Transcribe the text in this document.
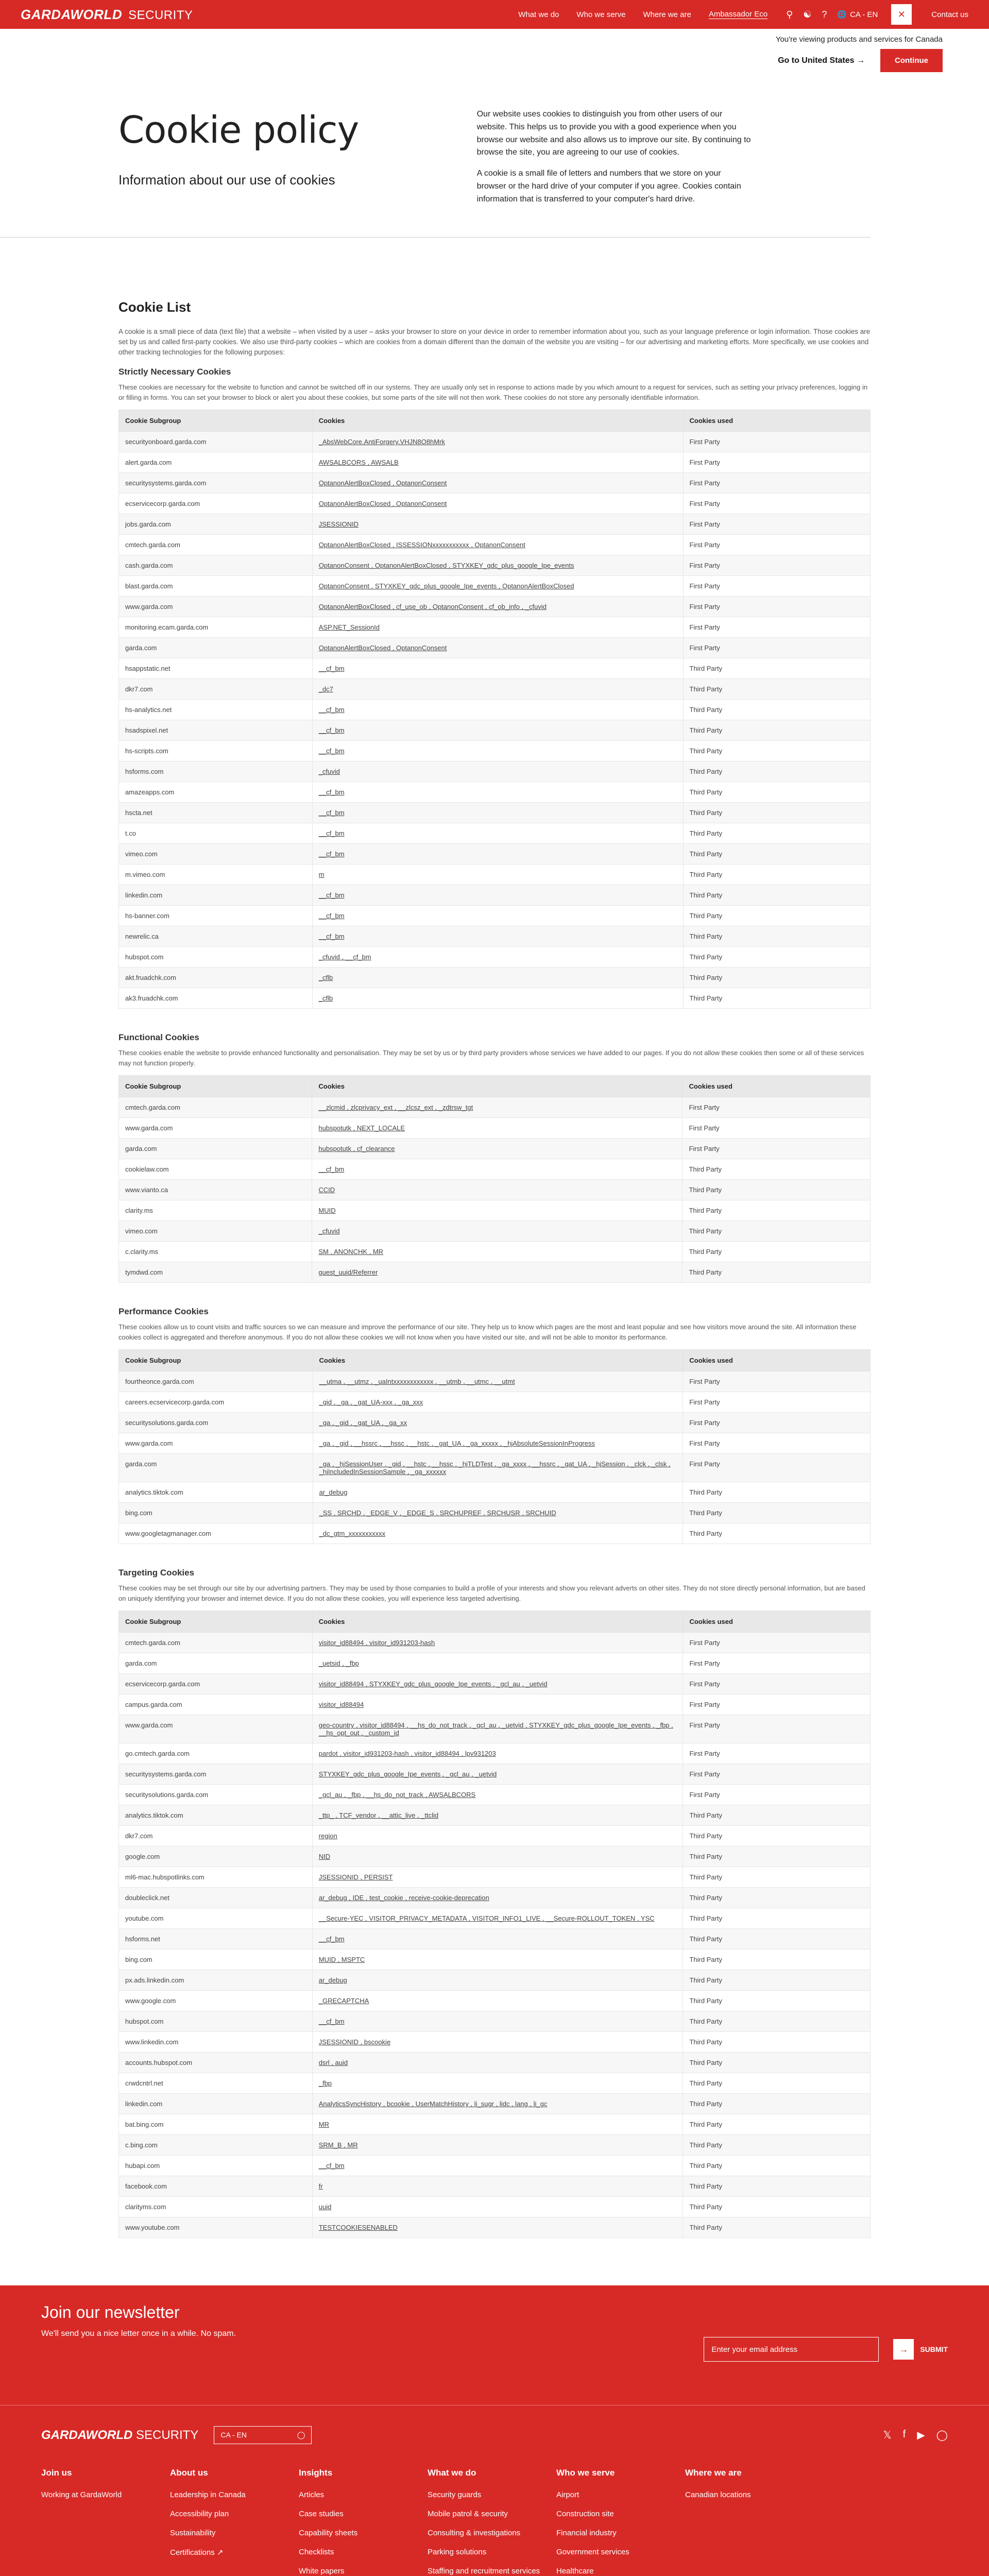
GARDAWORLD SECURITY	What we do Who we serve Where we are Ambassador Eco ⚲ ☯ ? 🌐 CA - EN	✕	Contact us
You're viewing products and services for Canada
Go to United States →	Continue
Cookie policy
Information about our use of cookies

Our website uses cookies to distinguish you from other users of our website. This helps us to provide you with a good experience when you browse our website and also allows us to improve our site. By continuing to browse the site, you are agreeing to our use of cookies.

A cookie is a small file of letters and numbers that we store on your browser or the hard drive of your computer if you agree. Cookies contain information that is transferred to your computer's hard drive.

Cookie List

A cookie is a small piece of data (text file) that a website – when visited by a user – asks your browser to store on your device in order to remember information about you, such as your language preference or login information. Those cookies are set by us and called first-party cookies. We also use third-party cookies – which are cookies from a domain different than the domain of the website you are visiting – for our advertising and marketing efforts. More specifically, we use cookies and other tracking technologies for the following purposes:

Strictly Necessary Cookies

These cookies are necessary for the website to function and cannot be switched off in our systems. They are usually only set in response to actions made by you which amount to a request for services, such as setting your privacy preferences, logging in or filling in forms. You can set your browser to block or alert you about these cookies, but some parts of the site will not then work. These cookies do not store any personally identifiable information.

Cookie Subgroup	Cookies	Cookies used
securityonboard.garda.com	_AbsWebCore.AntiForgery.VHJN8O8hMrk	First Party
alert.garda.com	AWSALBCORS , AWSALB	First Party
securitysystems.garda.com	OptanonAlertBoxClosed , OptanonConsent	First Party
ecservicecorp.garda.com	OptanonAlertBoxClosed , OptanonConsent	First Party
jobs.garda.com	JSESSIONID	First Party
cmtech.garda.com	OptanonAlertBoxClosed , ISSESSIONxxxxxxxxxxx , OptanonConsent	First Party
cash.garda.com	OptanonConsent , OptanonAlertBoxClosed , STYXKEY_gdc_plus_google_Ipe_events	First Party
blast.garda.com	OptanonConsent , STYXKEY_gdc_plus_google_Ipe_events , OptanonAlertBoxClosed	First Party
www.garda.com	OptanonAlertBoxClosed , cf_use_ob , OptanonConsent , cf_ob_info , _cfuvid	First Party
monitoring.ecam.garda.com	ASP.NET_SessionId	First Party
garda.com	OptanonAlertBoxClosed , OptanonConsent	First Party
hsappstatic.net	__cf_bm	Third Party
dkr7.com	_dc7	Third Party
hs-analytics.net	__cf_bm	Third Party
hsadspixel.net	__cf_bm	Third Party
hs-scripts.com	__cf_bm	Third Party
hsforms.com	_cfuvid	Third Party
amazeapps.com	__cf_bm	Third Party
hscta.net	__cf_bm	Third Party
t.co	__cf_bm	Third Party
vimeo.com	__cf_bm	Third Party
m.vimeo.com	m	Third Party
linkedin.com	__cf_bm	Third Party
hs-banner.com	__cf_bm	Third Party
newrelic.ca	__cf_bm	Third Party
hubspot.com	_cfuvid , __cf_bm	Third Party
akt.fruadchk.com	_cflb	Third Party
ak3.fruadchk.com	_cflb	Third Party
Functional Cookies

These cookies enable the website to provide enhanced functionality and personalisation. They may be set by us or by third party providers whose services we have added to our pages. If you do not allow these cookies then some or all of these services may not function properly.

Cookie Subgroup	Cookies	Cookies used
cmtech.garda.com	__zlcmid , zlcprivacy_ext , __zlcsz_ext , _zdtrsw_tgt	First Party
www.garda.com	hubspotutk , NEXT_LOCALE	First Party
garda.com	hubspotutk , cf_clearance	First Party
cookielaw.com	__cf_bm	Third Party
www.vianto.ca	CCID	Third Party
clarity.ms	MUID	Third Party
vimeo.com	_cfuvid	Third Party
c.clarity.ms	SM , ANONCHK , MR	Third Party
tymdwd.com	guest_uuid/Referrer	Third Party
Performance Cookies

These cookies allow us to count visits and traffic sources so we can measure and improve the performance of our site. They help us to know which pages are the most and least popular and see how visitors move around the site. All information these cookies collect is aggregated and therefore anonymous. If you do not allow these cookies we will not know when you have visited our site, and will not be able to monitor its performance.

Cookie Subgroup	Cookies	Cookies used
fourtheonce.garda.com	__utma , __utmz , _uaIntxxxxxxxxxxxx , __utmb , __utmc , __utmt	First Party
careers.ecservicecorp.garda.com	_gid , _ga , _gat_UA-xxx , _ga_xxx	First Party
securitysolutions.garda.com	_ga , _gid , _gat_UA , _ga_xx	First Party
www.garda.com	_ga , _gid , __hssrc , __hssc , __hstc , _gat_UA , _ga_xxxxx , _hjAbsoluteSessionInProgress	First Party
garda.com	_ga , _hjSessionUser , _gid , __hstc , __hssc , _hjTLDTest , _ga_xxxx , __hssrc , _gat_UA , _hjSession , _clck , _clsk , _hjIncludedInSessionSample , _ga_xxxxxx	First Party
analytics.tiktok.com	ar_debug	Third Party
bing.com	_SS , SRCHD , _EDGE_V , _EDGE_S , SRCHUPREF , SRCHUSR , SRCHUID	Third Party
www.googletagmanager.com	_dc_gtm_xxxxxxxxxxx	Third Party
Targeting Cookies

These cookies may be set through our site by our advertising partners. They may be used by those companies to build a profile of your interests and show you relevant adverts on other sites. They do not store directly personal information, but are based on uniquely identifying your browser and internet device. If you do not allow these cookies, you will experience less targeted advertising.

Cookie Subgroup	Cookies	Cookies used
cmtech.garda.com	visitor_id88494 , visitor_id931203-hash	First Party
garda.com	_uetsid , _fbp	First Party
ecservicecorp.garda.com	visitor_id88494 , STYXKEY_gdc_plus_google_Ipe_events , _gcl_au , _uetvid	First Party
campus.garda.com	visitor_id88494	First Party
www.garda.com	geo-country , visitor_id88494 , __hs_do_not_track , _gcl_au , _uetvid , STYXKEY_gdc_plus_google_Ipe_events , _fbp , __hs_opt_out , _custom_id	First Party
go.cmtech.garda.com	pardot , visitor_id931203-hash , visitor_id88494 , lpv931203	First Party
securitysystems.garda.com	STYXKEY_gdc_plus_google_Ipe_events , _gcl_au , _uetvid	First Party
securitysolutions.garda.com	_gcl_au , _fbp , __hs_do_not_track , AWSALBCORS	First Party
analytics.tiktok.com	_ttp_ , TCF_vendor , __attic_live , _ttclid	Third Party
dkr7.com	region	Third Party
google.com	NID	Third Party
ml6-mac.hubspotlinks.com	JSESSIONID , PERSIST	Third Party
doubleclick.net	ar_debug , IDE , test_cookie , receive-cookie-deprecation	Third Party
youtube.com	__Secure-YEC , VISITOR_PRIVACY_METADATA , VISITOR_INFO1_LIVE , __Secure-ROLLOUT_TOKEN , YSC	Third Party
hsforms.net	__cf_bm	Third Party
bing.com	MUID , MSPTC	Third Party
px.ads.linkedin.com	ar_debug	Third Party
www.google.com	_GRECAPTCHA	Third Party
hubspot.com	__cf_bm	Third Party
www.linkedin.com	JSESSIONID , bscookie	Third Party
accounts.hubspot.com	dsrl , auid	Third Party
crwdcntrl.net	_fbp	Third Party
linkedin.com	AnalyticsSyncHistory , bcookie , UserMatchHistory , li_sugr , lidc , lang , li_gc	Third Party
bat.bing.com	MR	Third Party
c.bing.com	SRM_B , MR	Third Party
hubapi.com	__cf_bm	Third Party
facebook.com	fr	Third Party
clarityms.com	uuid	Third Party
www.youtube.com	TESTCOOKIESENABLED	Third Party
Join our newsletter
We'll send you a nice letter once in a while. No spam.
Enter your email address	→	SUBMIT
GARDAWORLD SECURITY	CA - EN	◯	𝕏 f ▶ ◯
Join us
Working at GardaWorld
About us
Leadership in Canada
Accessibility plan
Sustainability
Certifications ↗
Insights
Articles
Case studies
Capability sheets
Checklists
White papers
What we do
Security guards
Mobile patrol & security
Consulting & investigations
Parking solutions
Staffing and recruitment services
Who we serve
Airport
Construction site
Financial industry
Government services
Healthcare
Where we are
Canadian locations
